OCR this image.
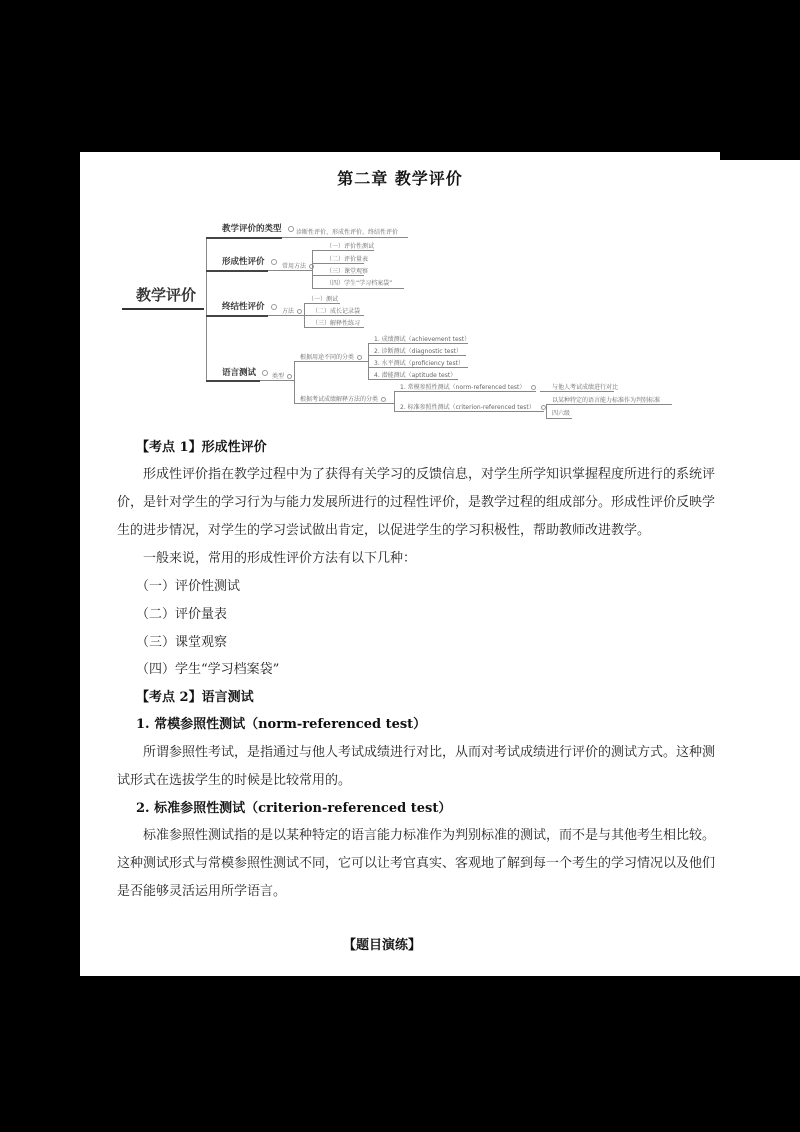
第二章 教学评价
教学评价
教学评价的类型	诊断性评价、形成性评价、终结性评价
形成性评价	常用方法
（一）评价性测试
（二）评价量表
（三）课堂观察
（四）学生“学习档案袋”
终结性评价	方法
（一）测试
（二）成长记录袋
（三）解释性练习
语言测试	类型
根据用途不同的分类
1. 成绩测试（achievement test）
2. 诊断测试（diagnostic test）
3. 水平测试（proficiency test）
4. 潜能测试（aptitude test）
根据考试成绩解释方法的分类
1. 常模参照性测试（norm-referenced test）	与他人考试成绩进行对比
2. 标准参照性测试（criterion-referenced test）
以某种特定的语言能力标准作为判别标准
四六级
【考点 1】形成性评价
形成性评价指在教学过程中为了获得有关学习的反馈信息，对学生所学知识掌握程度所进行的系统评价，是针对学生的学习行为与能力发展所进行的过程性评价，是教学过程的组成部分。形成性评价反映学生的进步情况，对学生的学习尝试做出肯定，以促进学生的学习积极性，帮助教师改进教学。
一般来说，常用的形成性评价方法有以下几种：
（一）评价性测试
（二）评价量表
（三）课堂观察
（四）学生“学习档案袋”
【考点 2】语言测试
1. 常模参照性测试（norm-referenced test）
所谓参照性考试，是指通过与他人考试成绩进行对比，从而对考试成绩进行评价的测试方式。这种测试形式在选拔学生的时候是比较常用的。
2. 标准参照性测试（criterion-referenced test）
标准参照性测试指的是以某种特定的语言能力标准作为判别标准的测试，而不是与其他考生相比较。这种测试形式与常模参照性测试不同，它可以让考官真实、客观地了解到每一个考生的学习情况以及他们是否能够灵活运用所学语言。
【题目演练】
